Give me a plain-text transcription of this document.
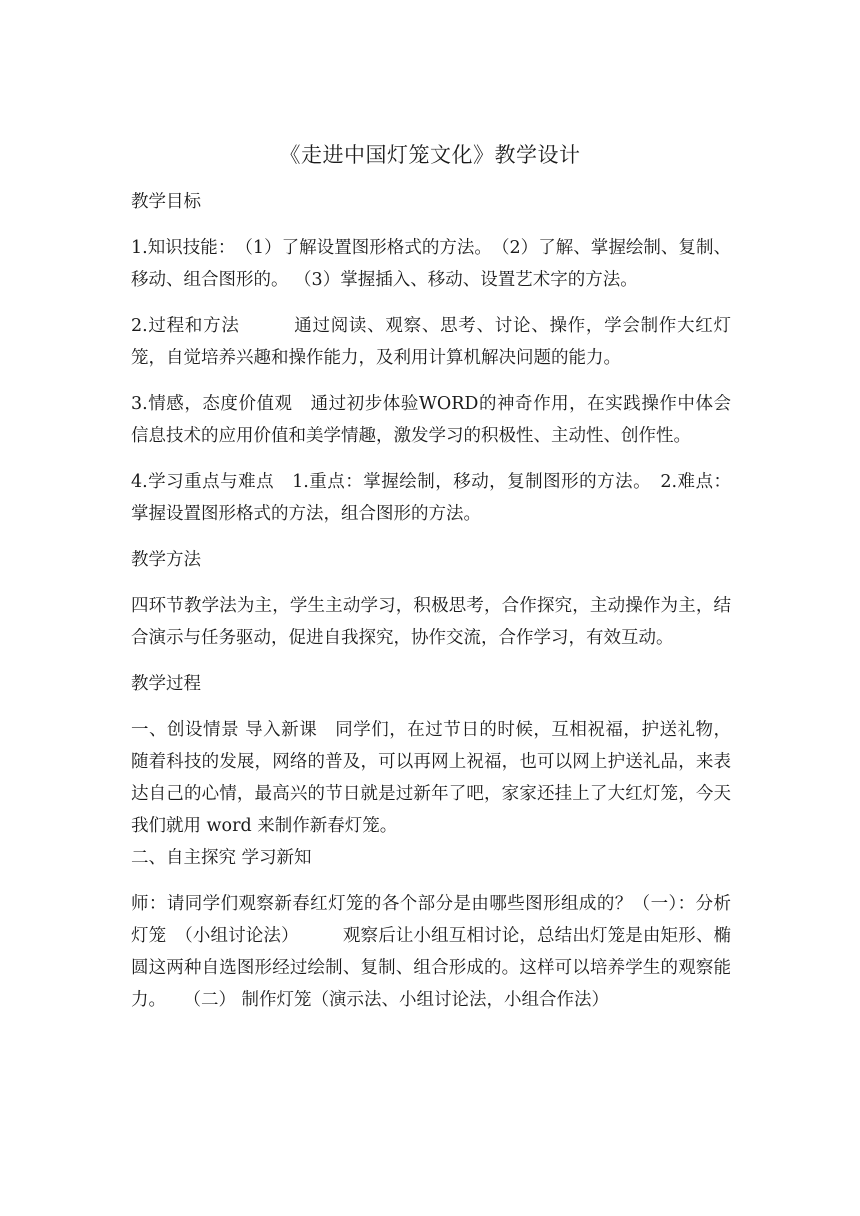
《走进中国灯笼文化》教学设计

教学目标

1.知识技能：　（1）了解设置图形格式的方法。　（2）了解、掌握绘制、复制、移动、组合图形的。 （3）掌握插入、移动、设置艺术字的方法。

2.过程和方法　　　通过阅读、观察、思考、讨论、操作，学会制作大红灯笼，自觉培养兴趣和操作能力，及利用计算机解决问题的能力。

3.情感，态度价值观　通过初步体验WORD的神奇作用，在实践操作中体会信息技术的应用价值和美学情趣，激发学习的积极性、主动性、创作性。

4.学习重点与难点　1.重点：掌握绘制，移动，复制图形的方法。　2.难点：掌握设置图形格式的方法，组合图形的方法。

教学方法

四环节教学法为主，学生主动学习，积极思考，合作探究，主动操作为主，结合演示与任务驱动，促进自我探究，协作交流，合作学习，有效互动。

教学过程

一、创设情景 导入新课　同学们，在过节日的时候，互相祝福，护送礼物，随着科技的发展，网络的普及，可以再网上祝福，也可以网上护送礼品，来表达自己的心情，最高兴的节日就是过新年了吧，家家还挂上了大红灯笼，今天我们就用 word 来制作新春灯笼。

二、自主探究 学习新知

师：请同学们观察新春红灯笼的各个部分是由哪些图形组成的？（一）：分析灯笼　（小组讨论法）　　　观察后让小组互相讨论，总结出灯笼是由矩形、椭圆这两种自选图形经过绘制、复制、组合形成的。这样可以培养学生的观察能力。　　（二） 制作灯笼（演示法、小组讨论法，小组合作法）
